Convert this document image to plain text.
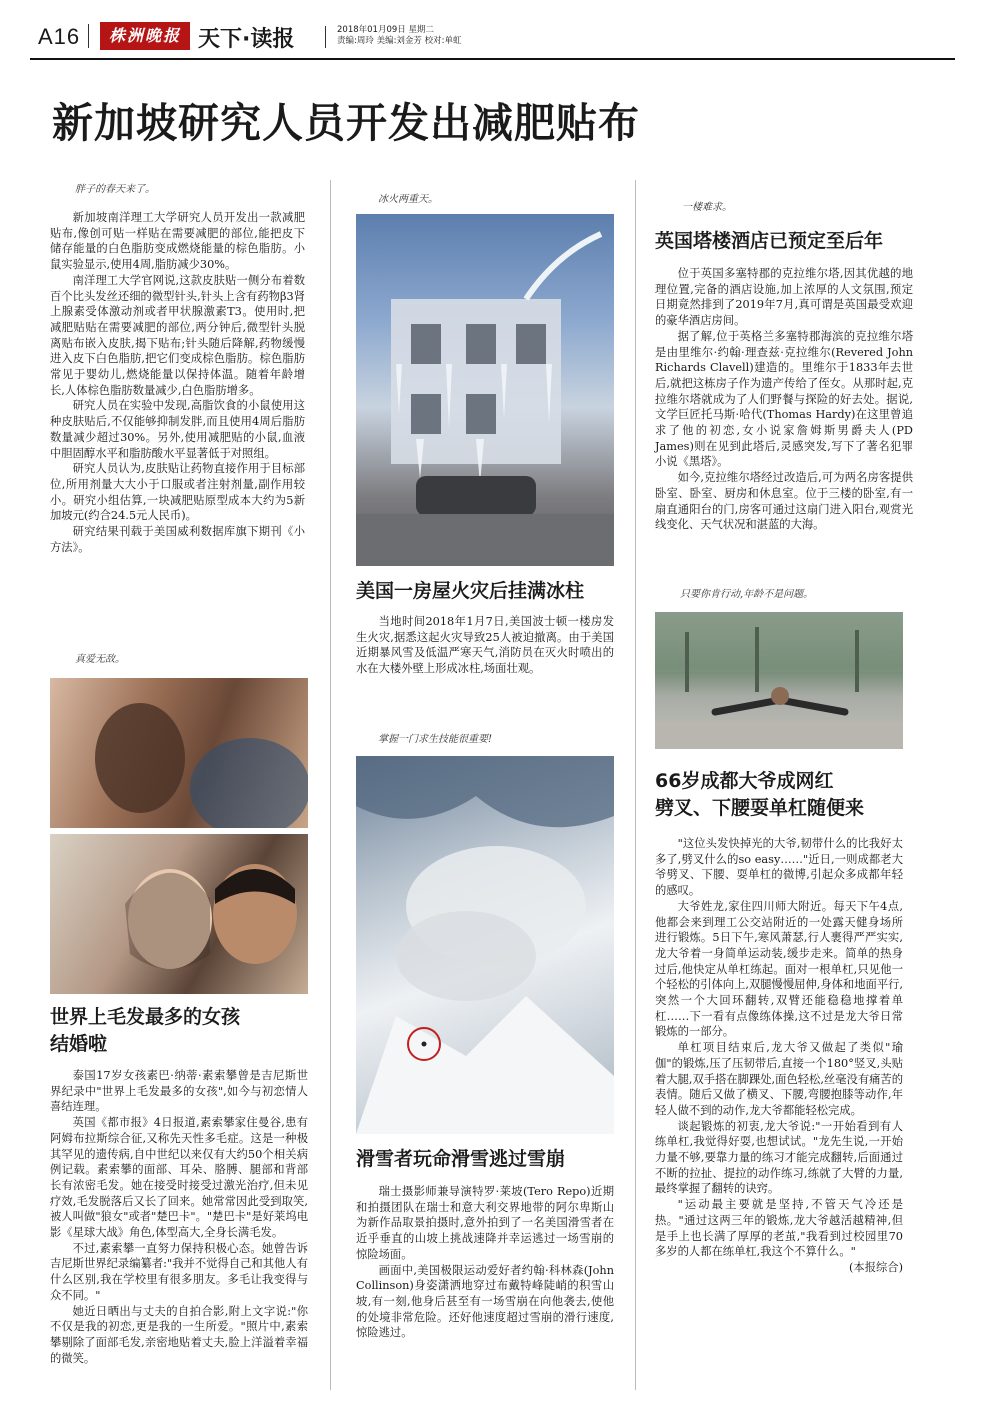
A16	株洲晚报 天下·读报	2018年01月09日 星期二
责编:周玲 美编:刘金芳 校对:单虹
新加坡研究人员开发出减肥贴布
胖子的春天来了。

新加坡南洋理工大学研究人员开发出一款减肥贴布,像创可贴一样贴在需要减肥的部位,能把皮下储存能量的白色脂肪变成燃烧能量的棕色脂肪。小鼠实验显示,使用4周,脂肪减少30%。

南洋理工大学官网说,这款皮肤贴一侧分布着数百个比头发丝还细的微型针头,针头上含有药物β3肾上腺素受体激动剂或者甲状腺激素T3。使用时,把减肥贴贴在需要减肥的部位,两分钟后,微型针头脱离贴布嵌入皮肤,揭下贴布;针头随后降解,药物缓慢进入皮下白色脂肪,把它们变成棕色脂肪。棕色脂肪常见于婴幼儿,燃烧能量以保持体温。随着年龄增长,人体棕色脂肪数量减少,白色脂肪增多。

研究人员在实验中发现,高脂饮食的小鼠使用这种皮肤贴后,不仅能够抑制发胖,而且使用4周后脂肪数量减少超过30%。另外,使用减肥贴的小鼠,血液中胆固醇水平和脂肪酸水平显著低于对照组。

研究人员认为,皮肤贴让药物直接作用于目标部位,所用剂量大大小于口服或者注射剂量,副作用较小。研究小组估算,一块减肥贴原型成本大约为5新加坡元(约合24.5元人民币)。

研究结果刊载于美国威利数据库旗下期刊《小方法》。

真爱无敌。
世界上毛发最多的女孩
结婚啦

泰国17岁女孩素巴·纳蒂·素索攀曾是吉尼斯世界纪录中"世界上毛发最多的女孩",如今与初恋情人喜结连理。

英国《都市报》4日报道,素索攀家住曼谷,患有阿姆布拉斯综合征,又称先天性多毛症。这是一种极其罕见的遗传病,自中世纪以来仅有大约50个相关病例记载。素索攀的面部、耳朵、胳膊、腿部和背部长有浓密毛发。她在接受时接受过激光治疗,但未见疗效,毛发脱落后又长了回来。她常常因此受到取笑,被人叫做"狼女"或者"楚巴卡"。"楚巴卡"是好莱坞电影《星球大战》角色,体型高大,全身长满毛发。

不过,素索攀一直努力保持积极心态。她曾告诉吉尼斯世界纪录编纂者:"我并不觉得自己和其他人有什么区别,我在学校里有很多朋友。多毛让我变得与众不同。"

她近日晒出与丈夫的自拍合影,附上文字说:"你不仅是我的初恋,更是我的一生所爱。"照片中,素索攀剔除了面部毛发,亲密地贴着丈夫,脸上洋溢着幸福的微笑。

冰火两重天。
美国一房屋火灾后挂满冰柱

当地时间2018年1月7日,美国波士顿一楼房发生火灾,据悉这起火灾导致25人被迫撤离。由于美国近期暴风雪及低温严寒天气,消防员在灭火时喷出的水在大楼外壁上形成冰柱,场面壮观。

掌握一门求生技能很重要!
滑雪者玩命滑雪逃过雪崩

瑞士摄影师兼导演特罗·莱坡(Tero Repo)近期和拍摄团队在瑞士和意大利交界地带的阿尔卑斯山为新作品取景拍摄时,意外拍到了一名美国滑雪者在近乎垂直的山坡上挑战速降并幸运逃过一场雪崩的惊险场面。

画面中,美国极限运动爱好者约翰·科林森(John Collinson)身姿潇洒地穿过布戴特峰陡峭的积雪山坡,有一刻,他身后甚至有一场雪崩在向他袭去,使他的处境非常危险。还好他速度超过雪崩的滑行速度,惊险逃过。

一楼难求。
英国塔楼酒店已预定至后年

位于英国多塞特郡的克拉维尔塔,因其优越的地理位置,完备的酒店设施,加上浓厚的人文氛围,预定日期竟然排到了2019年7月,真可谓是英国最受欢迎的豪华酒店房间。

据了解,位于英格兰多塞特郡海滨的克拉维尔塔是由里维尔·约翰·理查兹·克拉维尔(Revered John Richards Clavell)建造的。里维尔于1833年去世后,就把这栋房子作为遗产传给了侄女。从那时起,克拉维尔塔就成为了人们野餐与探险的好去处。据说,文学巨匠托马斯·哈代(Thomas Hardy)在这里曾追求了他的初恋,女小说家詹姆斯男爵夫人(PD James)则在见到此塔后,灵感突发,写下了著名犯罪小说《黑塔》。

如今,克拉维尔塔经过改造后,可为两名房客提供卧室、卧室、厨房和休息室。位于三楼的卧室,有一扇直通阳台的门,房客可通过这扇门进入阳台,观赏光线变化、天气状况和湛蓝的大海。

只要你肯行动,年龄不是问题。
66岁成都大爷成网红
劈叉、下腰耍单杠随便来

"这位头发快掉光的大爷,韧带什么的比我好太多了,劈叉什么的so easy……"近日,一则成都老大爷劈叉、下腰、耍单杠的微博,引起众多成都年轻的感叹。

大爷姓龙,家住四川师大附近。每天下午4点,他都会来到理工公交站附近的一处露天健身场所进行锻炼。5日下午,寒风萧瑟,行人裹得严严实实,龙大爷着一身简单运动装,缓步走来。简单的热身过后,他快定从单杠练起。面对一根单杠,只见他一个轻松的引体向上,双腿慢慢屈伸,身体和地面平行,突然一个大回环翻转,双臂还能稳稳地撑着单杠……下一看有点像练体操,这不过是龙大爷日常锻炼的一部分。

单杠项目结束后,龙大爷又做起了类似"瑜伽"的锻炼,压了压韧带后,直接一个180°竖叉,头贴着大腿,双手搭在脚踝处,面色轻松,丝毫没有痛苦的表情。随后又做了横叉、下腰,弯腰抱膝等动作,年轻人做不到的动作,龙大爷都能轻松完成。

谈起锻炼的初衷,龙大爷说:"一开始看到有人练单杠,我觉得好耍,也想试试。"龙先生说,一开始力量不够,要靠力量的练习才能完成翻转,后面通过不断的拉扯、提拉的动作练习,练就了大臂的力量,最终掌握了翻转的诀窍。

"运动最主要就是坚持,不管天气冷还是热。"通过这两三年的锻炼,龙大爷越活越精神,但是手上也长满了厚厚的老茧,"我看到过校园里70多岁的人都在练单杠,我这个不算什么。"

(本报综合)
